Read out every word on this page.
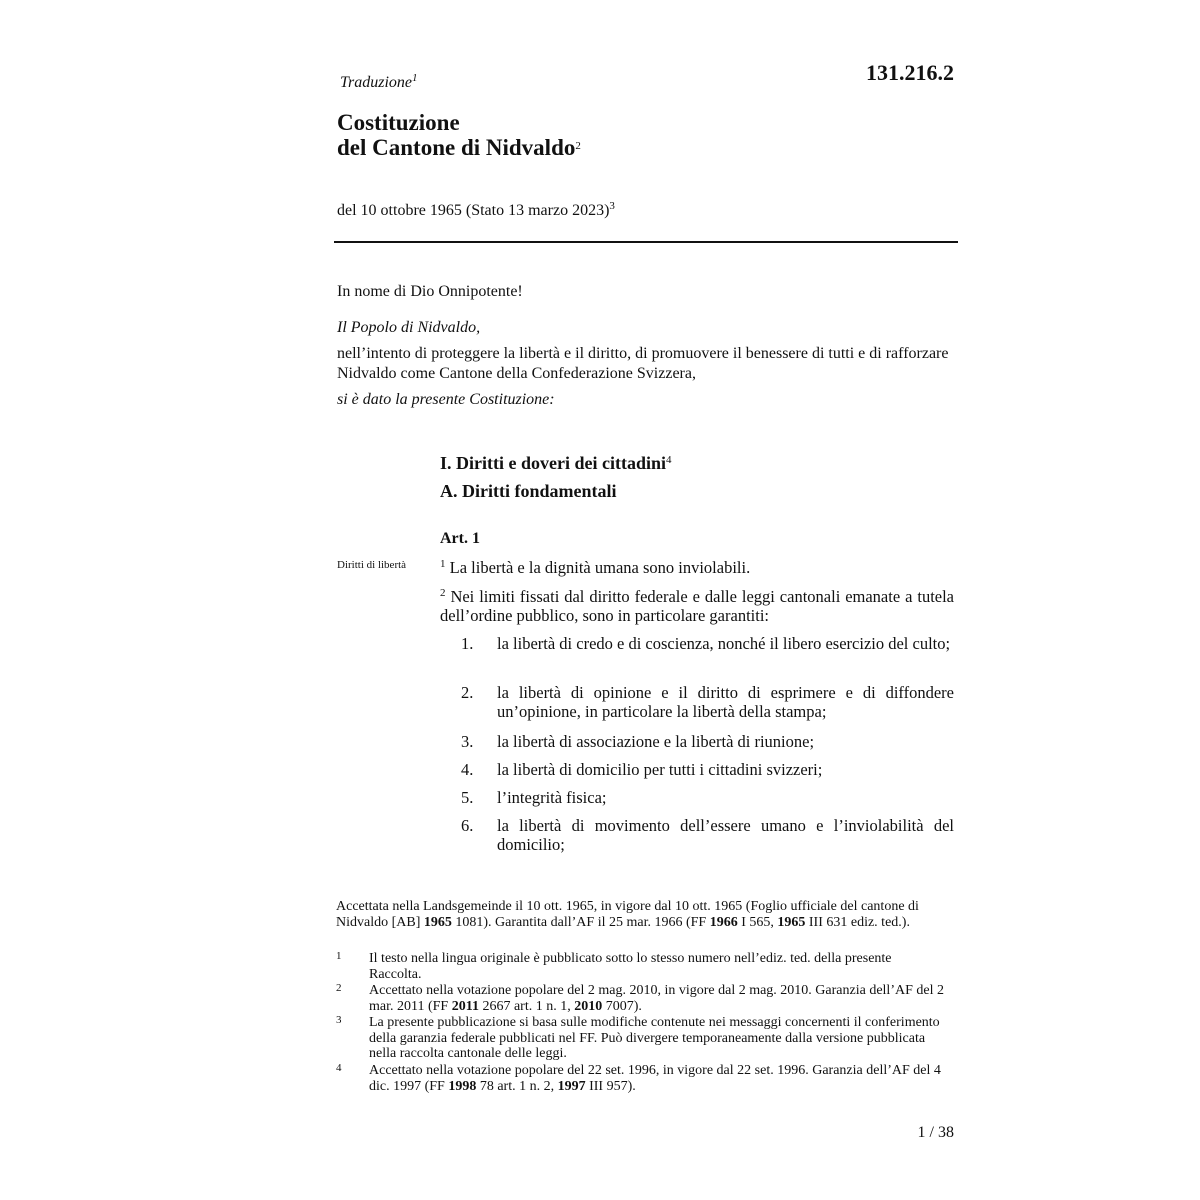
131.216.2
Traduzione$^1$
Costituzione
del Cantone di Nidvaldo$^2$
del 10 ottobre 1965 (Stato 13 marzo 2023)$^3$
In nome di Dio Onnipotente!
Il Popolo di Nidvaldo,
nell’intento di proteggere la libertà e il diritto, di promuovere il benessere di tutti e di rafforzare Nidvaldo come Cantone della Confederazione Svizzera,
si è dato la presente Costituzione:
I. Diritti e doveri dei cittadini$^4$
A. Diritti fondamentali
Art. 1
Diritti di libertà	$^1$ La libertà e la dignità umana sono inviolabili.
$^2$ Nei limiti fissati dal diritto federale e dalle leggi cantonali emanate a tutela dell’ordine pubblico, sono in particolare garantiti:
1.	la libertà di credo e di coscienza, nonché il libero esercizio del culto;
2.	la libertà di opinione e il diritto di esprimere e di diffondere un’opinione, in particolare la libertà della stampa;
3.	la libertà di associazione e la libertà di riunione;
4.	la libertà di domicilio per tutti i cittadini svizzeri;
5.	l’integrità fisica;
6.	la libertà di movimento dell’essere umano e l’inviolabilità del domicilio;
Accettata nella Landsgemeinde il 10 ott. 1965, in vigore dal 10 ott. 1965 (Foglio ufficiale del cantone di Nidvaldo [AB] 1965 1081). Garantita dall’AF il 25 mar. 1966 (FF 1966 I 565, 1965 III 631 ediz. ted.).
1 Il testo nella lingua originale è pubblicato sotto lo stesso numero nell’ediz. ted. della presente Raccolta.
2 Accettato nella votazione popolare del 2 mag. 2010, in vigore dal 2 mag. 2010. Garanzia dell’AF del 2 mar. 2011 (FF 2011 2667 art. 1 n. 1, 2010 7007).
3 La presente pubblicazione si basa sulle modifiche contenute nei messaggi concernenti il conferimento della garanzia federale pubblicati nel FF. Può divergere temporaneamente dalla versione pubblicata nella raccolta cantonale delle leggi.
4 Accettato nella votazione popolare del 22 set. 1996, in vigore dal 22 set. 1996. Garanzia dell’AF del 4 dic. 1997 (FF 1998 78 art. 1 n. 2, 1997 III 957).
1 / 38
